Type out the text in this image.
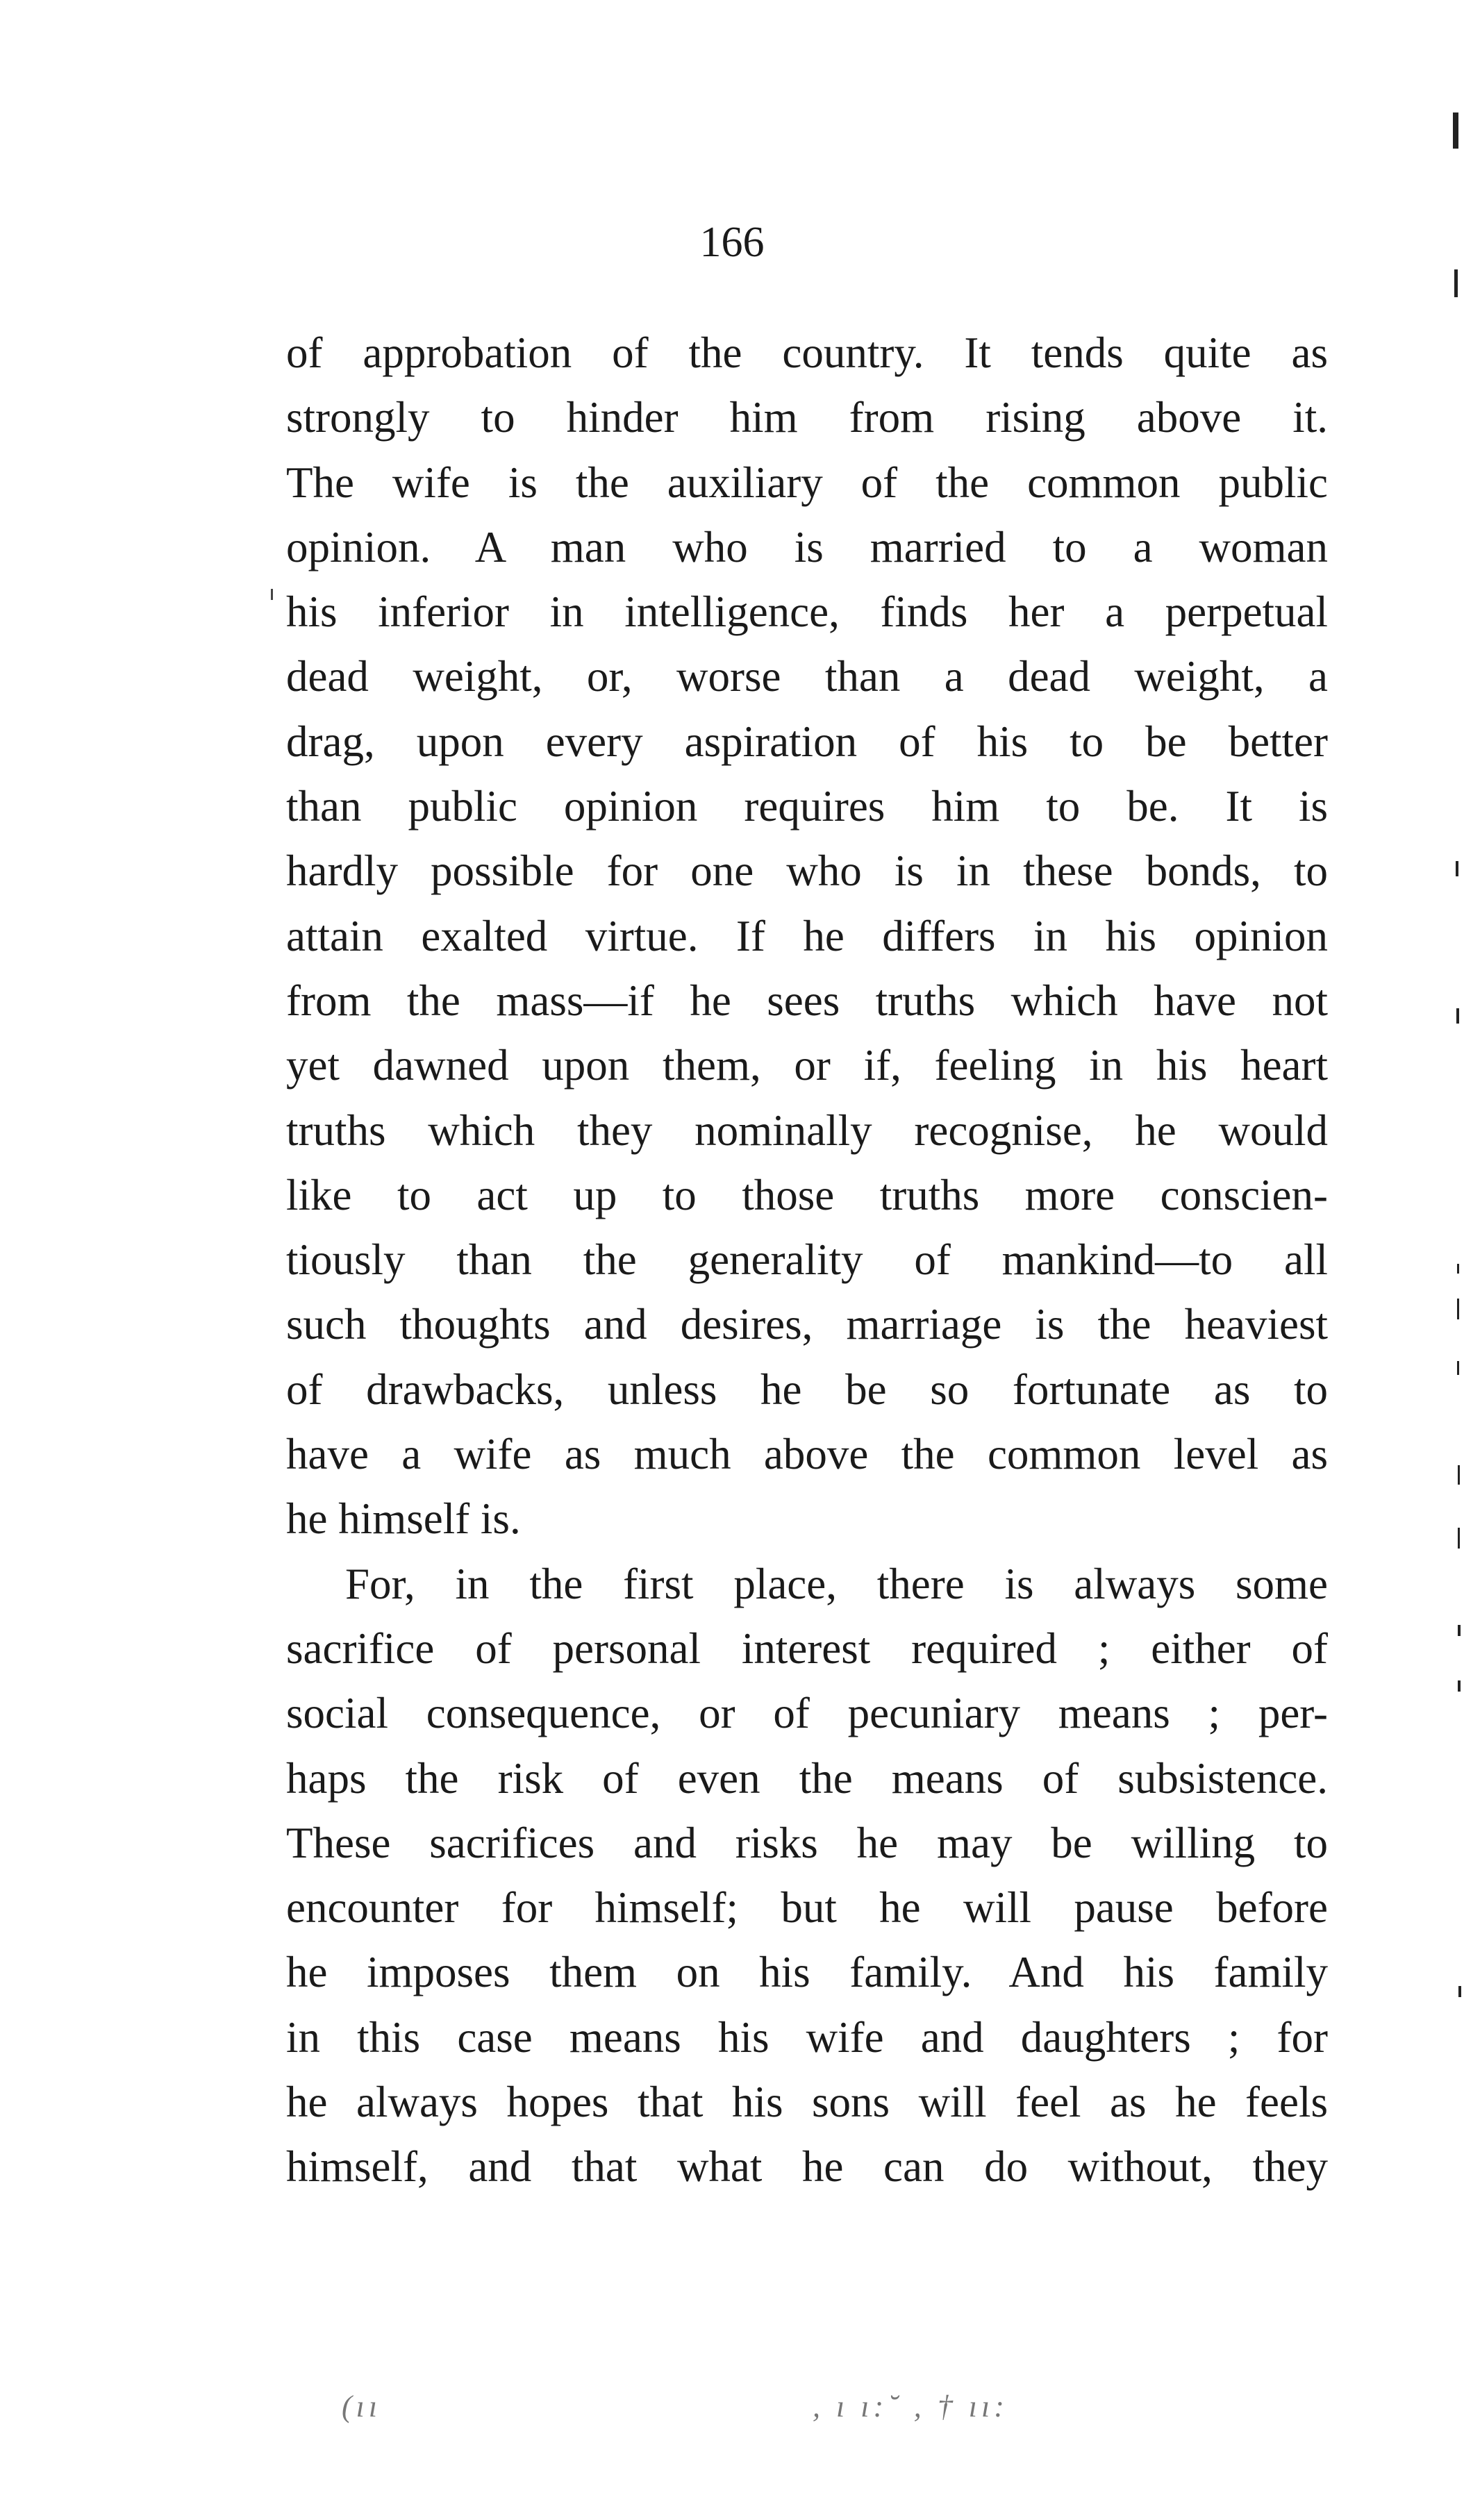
166
of approbation of the country. It tends quite as
strongly to hinder him from rising above it.
The wife is the auxiliary of the common public
opinion. A man who is married to a woman
his inferior in intelligence, finds her a perpetual
dead weight, or, worse than a dead weight, a
drag, upon every aspiration of his to be better
than public opinion requires him to be. It is
hardly possible for one who is in these bonds, to
attain exalted virtue. If he differs in his opinion
from the mass—if he sees truths which have not
yet dawned upon them, or if, feeling in his heart
truths which they nominally recognise, he would
like to act up to those truths more conscien-
tiously than the generality of mankind—to all
such thoughts and desires, marriage is the heaviest
of drawbacks, unless he be so fortunate as to
have a wife as much above the common level as
he himself is.
For, in the first place, there is always some
sacrifice of personal interest required ; either of
social consequence, or of pecuniary means ; per-
haps the risk of even the means of subsistence.
These sacrifices and risks he may be willing to
encounter for himself; but he will pause before
he imposes them on his family. And his family
in this case means his wife and daughters ; for
he always hopes that his sons will feel as he feels
himself, and that what he can do without, they
(ıı	, ı ı:˘ , † ıı:
